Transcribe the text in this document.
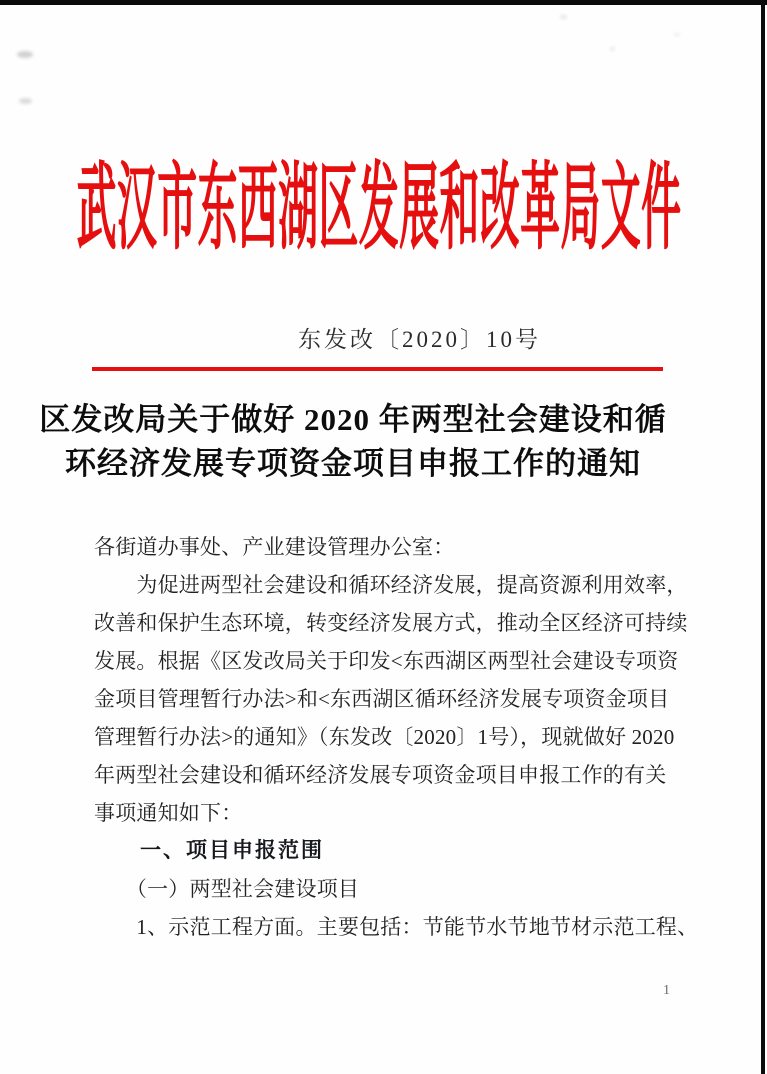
武汉市东西湖区发展和改革局文件
东发改〔2020〕10号
区发改局关于做好 2020 年两型社会建设和循
环经济发展专项资金项目申报工作的通知
各街道办事处、产业建设管理办公室：
　　为促进两型社会建设和循环经济发展，提高资源利用效率，
改善和保护生态环境，转变经济发展方式，推动全区经济可持续
发展。根据《区发改局关于印发<东西湖区两型社会建设专项资
金项目管理暂行办法>和<东西湖区循环经济发展专项资金项目
管理暂行办法>的通知》（东发改〔2020〕1号），现就做好 2020
年两型社会建设和循环经济发展专项资金项目申报工作的有关
事项通知如下：
　　一、项目申报范围
　　（一）两型社会建设项目
　　1、示范工程方面。主要包括：节能节水节地节材示范工程、
1
